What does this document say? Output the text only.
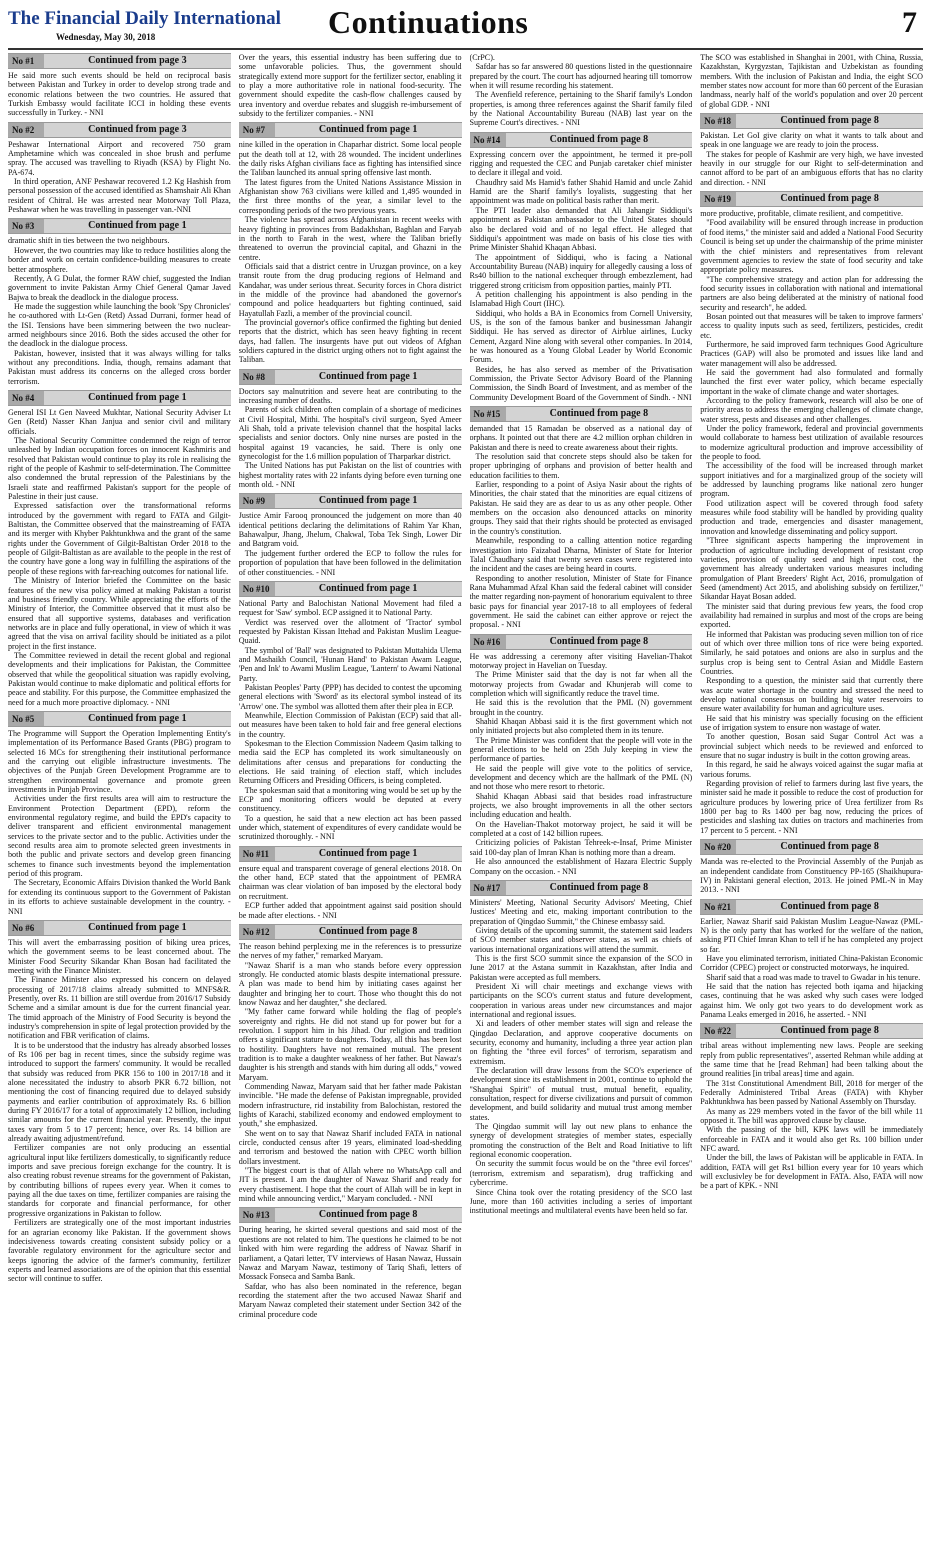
The Financial Daily International
Wednesday, May 30, 2018	Continuations	7
No #1	Continued from page 3

He said more such events should be held on reciprocal basis between Pakistan and Turkey in order to develop strong trade and economic relations between the two countries. He assured that Turkish Embassy would facilitate ICCI in holding these events successfully in Turkey. - NNI

No #2	Continued from page 3

Peshawar International Airport and recovered 750 gram Amphetamine which was concealed in shoe brush and perfume spray. The accused was travelling to Riyadh (KSA) by Flight No. PA-674.

In third operation, ANF Peshawar recovered 1.2 Kg Hashish from personal possession of the accused identified as Shamshair Ali Khan resident of Chitral. He was arrested near Motorway Toll Plaza, Peshawar when he was travelling in passenger van.-NNI

No #3	Continued from page 1

dramatic shift in ties between the two neighbours.

However, the two countries may like to reduce hostilities along the border and work on certain confidence-building measures to create better atmosphere.

Recently, A G Dulat, the former RAW chief, suggested the Indian government to invite Pakistan Army Chief General Qamar Javed Bajwa to break the deadlock in the dialogue process.

He made the suggestion while launching the book 'Spy Chronicles' he co-authored with Lt-Gen (Retd) Assad Durrani, former head of the ISI. Tensions have been simmering between the two nuclear-armed neighbours since 2016. Both the sides accused the other for the deadlock in the dialogue process.

Pakistan, however, insisted that it was always willing for talks without any preconditions. India, though, remains adamant that Pakistan must address its concerns on the alleged cross border terrorism.

No #4	Continued from page 1

General ISI Lt Gen Naveed Mukhtar, National Security Adviser Lt Gen (Retd) Nasser Khan Janjua and senior civil and military officials.

The National Security Committee condemned the reign of terror unleashed by Indian occupation forces on innocent Kashmiris and resolved that Pakistan would continue to play its role in realising the right of the people of Kashmir to self-determination. The Committee also condemned the brutal repression of the Palestinians by the Israeli state and reaffirmed Pakistan's support for the people of Palestine in their just cause.

Expressed satisfaction over the transformational reforms introduced by the government with regard to FATA and Gilgit-Baltistan, the Committee observed that the mainstreaming of FATA and its merger with Khyber Pakhtunkhwa and the grant of the same rights under the Government of Gilgit-Baltistan Order 2018 to the people of Gilgit-Baltistan as are available to the people in the rest of the country have gone a long way in fulfilling the aspirations of the people of these regions with far-reaching outcomes for national life.

The Ministry of Interior briefed the Committee on the basic features of the new visa policy aimed at making Pakistan a tourist and business friendly country. While appreciating the efforts of the Ministry of Interior, the Committee observed that it must also be ensured that all supportive systems, databases and verification networks are in place and fully operational, in view of which it was agreed that the visa on arrival facility should be initiated as a pilot project in the first instance.

The Committee reviewed in detail the recent global and regional developments and their implications for Pakistan, the Committee observed that while the geopolitical situation was rapidly evolving, Pakistan would continue to make diplomatic and political efforts for peace and stability. For this purpose, the Committee emphasized the need for a much more proactive diplomacy. - NNI

No #5	Continued from page 1

The Programme will Support the Operation Implementing Entity's implementation of its Performance Based Grants (PBG) program to selected 16 MCs for strengthening their institutional performance and the carrying out eligible infrastructure investments. The objectives of the Punjab Green Development Programme are to strengthen environmental governance and promote green investments in Punjab Province.

Activities under the first results area will aim to restructure the Environment Protection Department (EPD), reform the environmental regulatory regime, and build the EPD's capacity to deliver transparent and efficient environmental management services to the private sector and to the public. Activities under the second results area aim to promote selected green investments in both the public and private sectors and develop green financing schemes to finance such investments beyond the implementation period of this program.

The Secretary, Economic Affairs Division thanked the World Bank for extending its continuous support to the Government of Pakistan in its efforts to achieve sustainable development in the country. - NNI

No #6	Continued from page 1

This will avert the embarrassing position of biking urea prices, which the government seems to be least concerned about. The Minister Food Security Sikandar Khan Bosan had facilitated the meeting with the Finance Minister.

The Finance Minister also expressed his concern on delayed processing of 2017/18 claims already submitted to MNFS&R. Presently, over Rs. 11 billion are still overdue from 2016/17 Subsidy Scheme and a similar amount is due for the current financial year. The timid approach of the Ministry of Food Security is beyond the industry's comprehension in spite of legal protection provided by the notification and FBR verification of claims.

It is to be understood that the industry has already absorbed losses of Rs 106 per bag in recent times, since the subsidy regime was introduced to support the farmers' community. It would be recalled that subsidy was reduced from PKR 156 to 100 in 2017/18 and it alone necessitated the industry to absorb PKR 6.72 billion, not mentioning the cost of financing required due to delayed subsidy payments and earlier contribution of approximately Rs. 6 billion during FY 2016/17 for a total of approximately 12 billion, including similar amounts for the current financial year. Presently, the input taxes vary from 5 to 17 percent; hence, over Rs. 14 billion are already awaiting adjustment/refund.

Fertilizer companies are not only producing an essential agricultural input like fertilizers domestically, to significantly reduce imports and save precious foreign exchange for the country. It is also creating robust revenue streams for the government of Pakistan, by contributing billions of rupees every year. When it comes to paying all the due taxes on time, fertilizer companies are raising the standards for corporate and financial performance, for other progressive organizations in Pakistan to follow.

Fertilizers are strategically one of the most important industries for an agrarian economy like Pakistan. If the government shows indecisiveness towards creating consistent subsidy policy or a favorable regulatory environment for the agriculture sector and keeps ignoring the advice of the farmer's community, fertilizer experts and learned associations are of the opinion that this essential sector will continue to suffer.

Over the years, this essential industry has been suffering due to some unfavorable policies. Thus, the government should strategically extend more support for the fertilizer sector, enabling it to play a more authoritative role in national food-security. The government should expedite the cash-flow challenges caused by urea inventory and overdue rebates and sluggish re-imbursement of subsidy to the fertilizer companies. - NNI

No #7	Continued from page 1

nine killed in the operation in Chaparhar district. Some local people put the death toll at 12, with 28 wounded. The incident underlines the daily risks Afghan civilians face as fighting has intensified since the Taliban launched its annual spring offensive last month.

The latest figures from the United Nations Assistance Mission in Afghanistan show 763 civilians were killed and 1,495 wounded in the first three months of the year, a similar level to the corresponding periods of the two previous years.

The violence has spread across Afghanistan in recent weeks with heavy fighting in provinces from Badakhshan, Baghlan and Faryab in the north to Farah in the west, where the Taliban briefly threatened to overrun the provincial capital, and Ghazni in the centre.

Officials said that a district centre in Uruzgan province, on a key transit route from the drug producing regions of Helmand and Kandahar, was under serious threat. Security forces in Chora district in the middle of the province had abandoned the governor's compound and police headquarters but fighting continued, said Hayatullah Fazli, a member of the provincial council.

The provincial governor's office confirmed the fighting but denied reports that the district, which has seen heavy fighting in recent days, had fallen. The insurgents have put out videos of Afghan soldiers captured in the district urging others not to fight against the Taliban.

No #8	Continued from page 1

Doctors say malnutrition and severe heat are contributing to the increasing number of deaths.

Parents of sick children often complain of a shortage of medicines at Civil Hospital, Mithi. The hospital's civil surgeon, Syed Ameer Ali Shah, told a private television channel that the hospital lacks specialists and senior doctors. Only nine nurses are posted in the hospital against 19 vacancies, he said. There is only one gynecologist for the 1.6 million population of Tharparkar district.

The United Nations has put Pakistan on the list of countries with highest mortality rates with 22 infants dying before even turning one month old. - NNI

No #9	Continued from page 1

Justice Amir Farooq pronounced the judgement on more than 40 identical petitions declaring the delimitations of Rahim Yar Khan, Bahawalpur, Jhang, Jhelum, Chakwal, Toba Tek Singh, Lower Dir and Batgram void.

The judgement further ordered the ECP to follow the rules for proportion of population that have been followed in the delimitation of other constituencies. - NNI

No #10	Continued from page 1

National Party and Balochistan National Movement had filed a request for 'Saw' symbol. ECP assigned it to National Party.

Verdict was reserved over the allotment of 'Tractor' symbol requested by Pakistan Kissan Ittehad and Pakistan Muslim League-Quaid.

The symbol of 'Ball' was designated to Pakistan Muttahida Ulema and Mashaikh Council, 'Hunan Hand' to Pakistan Awam League, 'Pen and Ink' to Awami Muslim League, 'Lantern' to Awami National Party.

Pakistan Peoples' Party (PPP) has decided to contest the upcoming general elections with 'Sword' as its electoral symbol instead of its 'Arrow' one. The symbol was allotted them after their plea in ECP.

Meanwhile, Election Commission of Pakistan (ECP) said that all-out measures have been taken to hold fair and free general elections in the country.

Spokesman to the Election Commission Nadeem Qasim talking to media said the ECP has completed its work simultaneously on delimitations after census and preparations for conducting the elections. He said training of election staff, which includes Returning Officers and Presiding Officers, is being completed.

The spokesman said that a monitoring wing would be set up by the ECP and monitoring officers would be deputed at every constituency.

To a question, he said that a new election act has been passed under which, statement of expenditures of every candidate would be scrutinized thoroughly. - NNI

No #11	Continued from page 1

ensure equal and transparent coverage of general elections 2018. On the other hand, ECP stated that the appointment of PEMRA chairman was clear violation of ban imposed by the electoral body on recruitment.

ECP further added that appointment against said position should be made after elections. - NNI

No #12	Continued from page 8

The reason behind perplexing me in the references is to pressurize the nerves of my father," remarked Maryam.

"Nawaz Sharif is a man who stands before every oppression strongly. He conducted atomic blasts despite international pressure. A plan was made to bend him by initiating cases against her daughter and bringing her to court. Those who thought this do not know Nawaz and her daughter," she declared.

"My father came forward while holding the flag of people's sovereignty and rights. He did not stand up for power but for a revolution. I support him in his Jihad. Our religion and tradition offers a significant stature to daughters. Today, all this has been lost to hostility. Daughters have not remained mutual. The present tradition is to make a daughter weakness of her father. But Nawaz's daughter is his strength and stands with him during all odds," vowed Maryam.

Commending Nawaz, Maryam said that her father made Pakistan invincible. "He made the defense of Pakistan impregnable, provided modern infrastructure, rid instability from Balochistan, restored the lights of Karachi, stabilized economy and endowed employment to youth," she emphasized.

She went on to say that Nawaz Sharif included FATA in national circle, conducted census after 19 years, eliminated load-shedding and terrorism and bestowed the nation with CPEC worth billion dollars investment.

"The biggest court is that of Allah where no WhatsApp call and JIT is present. I am the daughter of Nawaz Sharif and ready for every chastisement. I hope that the court of Allah will be in kept in mind while announcing verdict," Maryam concluded. - NNI

No #13	Continued from page 8

During hearing, he skirted several questions and said most of the questions are not related to him. The questions he claimed to be not linked with him were regarding the address of Nawaz Sharif in parliament, a Qatari letter, TV interviews of Hasan Nawaz, Hussain Nawaz and Maryam Nawaz, testimony of Tariq Shafi, letters of Mossack Fonseca and Samba Bank.

Safdar, who has also been nominated in the reference, began recording the statement after the two accused Nawaz Sharif and Maryam Nawaz completed their statement under Section 342 of the criminal procedure code

(CrPC).

Safdar has so far answered 80 questions listed in the questionnaire prepared by the court. The court has adjourned hearing till tomorrow when it will resume recording his statement.

The Avenfield reference, pertaining to the Sharif family's London properties, is among three references against the Sharif family filed by the National Accountability Bureau (NAB) last year on the Supreme Court's directives. - NNI

No #14	Continued from page 8

Expressing concern over the appointment, he termed it pre-poll rigging and requested the CEC and Punjab caretaker chief minister to declare it illegal and void.

Chaudhry said Ms Hamid's father Shahid Hamid and uncle Zahid Hamid are the Sharif family's loyalists, suggesting that her appointment was made on political basis rather than merit.

The PTI leader also demanded that Ali Jahangir Siddiqui's appointment as Pakistan ambassador to the United States should also be declared void and of no legal effect. He alleged that Siddiqui's appointment was made on basis of his close ties with Prime Minister Shahid Khaqan Abbasi.

The appointment of Siddiqui, who is facing a National Accountability Bureau (NAB) inquiry for allegedly causing a loss of Rs40 billion to the national exchequer through embezzlement, had triggered strong criticism from opposition parties, mainly PTI.

A petition challenging his appointment is also pending in the Islamabad High Court (IHC).

Siddiqui, who holds a BA in Economics from Cornell University, US, is the son of the famous banker and businessman Jahangir Siddiqui. He has served as director of Airblue airlines, Lucky Cement, Azgard Nine along with several other companies. In 2014, he was honoured as a Young Global Leader by World Economic Forum.

Besides, he has also served as member of the Privatisation Commission, the Private Sector Advisory Board of the Planning Commission, the Sindh Board of Investment, and as member of the Community Development Board of the Government of Sindh. - NNI

No #15	Continued from page 8

demanded that 15 Ramadan be observed as a national day of orphans. It pointed out that there are 4.2 million orphan children in Pakistan and there is need to create awareness about their rights.

The resolution said that concrete steps should also be taken for proper upbringing of orphans and provision of better health and education facilities to them.

Earlier, responding to a point of Asiya Nasir about the rights of Minorities, the chair stated that the minorities are equal citizens of Pakistan. He said they are as dear to us as any other people. Other members on the occasion also denounced attacks on minority groups. They said that their rights should be protected as envisaged in the country's constitution.

Meanwhile, responding to a calling attention notice regarding investigation into Faizabad Dharna, Minister of State for Interior Talal Chaudhary said that twenty seven cases were registered into the incident and the cases are being heard in courts.

Responding to another resolution, Minister of State for Finance Rana Muhammad Afzal Khan said the federal cabinet will consider the matter regarding non-payment of honorarium equivalent to three basic pays for financial year 2017-18 to all employees of federal government. He said the cabinet can either approve or reject the proposal. - NNI

No #16	Continued from page 8

He was addressing a ceremony after visiting Havelian-Thakot motorway project in Havelian on Tuesday.

The Prime Minister said that the day is not far when all the motorway projects from Gwadar and Khunjerab will come to completion which will significantly reduce the travel time.

He said this is the revolution that the PML (N) government brought in the country.

Shahid Khaqan Abbasi said it is the first government which not only initiated projects but also completed them in its tenure.

The Prime Minister was confident that the people will vote in the general elections to be held on 25th July keeping in view the performance of parties.

He said the people will give vote to the politics of service, development and decency which are the hallmark of the PML (N) and not those who mere resort to rhetoric.

Shahid Khaqan Abbasi said that besides road infrastructure projects, we also brought improvements in all the other sectors including education and health.

On the Havelian-Thakot motorway project, he said it will be completed at a cost of 142 billion rupees.

Criticizing policies of Pakistan Tehreek-e-Insaf, Prime Minister said 100-day plan of Imran Khan is nothing more than a dream.

He also announced the establishment of Hazara Electric Supply Company on the occasion. - NNI

No #17	Continued from page 8

Ministers' Meeting, National Security Advisors' Meeting, Chief Justices' Meeting and etc, making important contribution to the preparation of Qingdao Summit," the Chinese embassy said.

Giving details of the upcoming summit, the statement said leaders of SCO member states and observer states, as well as chiefs of various international organizations will attend the summit.

This is the first SCO summit since the expansion of the SCO in June 2017 at the Astana summit in Kazakhstan, after India and Pakistan were accepted as full members.

President Xi will chair meetings and exchange views with participants on the SCO's current status and future development, cooperation in various areas under new circumstances and major international and regional issues.

Xi and leaders of other member states will sign and release the Qingdao Declaration, and approve cooperative documents on security, economy and humanity, including a three year action plan on fighting the "three evil forces" of terrorism, separatism and extremism.

The declaration will draw lessons from the SCO's experience of development since its establishment in 2001, continue to uphold the "Shanghai Spirit" of mutual trust, mutual benefit, equality, consultation, respect for diverse civilizations and pursuit of common development, and build solidarity and mutual trust among member states.

The Qingdao summit will lay out new plans to enhance the synergy of development strategies of member states, especially promoting the construction of the Belt and Road Initiative to lift regional economic cooperation.

On security the summit focus would be on the "three evil forces" (terrorism, extremism and separatism), drug trafficking and cybercrime.

Since China took over the rotating presidency of the SCO last June, more than 160 activities including a series of important institutional meetings and multilateral events have been held so far.

The SCO was established in Shanghai in 2001, with China, Russia, Kazakhstan, Kyrgyzstan, Tajikistan and Uzbekistan as founding members. With the inclusion of Pakistan and India, the eight SCO member states now account for more than 60 percent of the Eurasian landmass, nearly half of the world's population and over 20 percent of global GDP. - NNI

No #18	Continued from page 8

Pakistan. Let GoI give clarity on what it wants to talk about and speak in one language we are ready to join the process.

The stakes for people of Kashmir are very high, we have invested heavily in our struggle for our Right to self-determination and cannot afford to be part of an ambiguous efforts that has no clarity and direction. - NNI

No #19	Continued from page 8

more productive, profitable, climate resilient, and competitive.

"Food availability will be ensured through increase in production of food items," the minister said and added a National Food Security Council is being set up under the chairmanship of the prime minister with the chief ministers and representatives from relevant government agencies to review the state of food security and take appropriate policy measures.

"The comprehensive strategy and action plan for addressing the food security issues in collaboration with national and international partners are also being deliberated at the ministry of national food security and research", he added.

Bosan pointed out that measures will be taken to improve farmers' access to quality inputs such as seed, fertilizers, pesticides, credit etc.

Furthermore, he said improved farm techniques Good Agriculture Practices (GAP) will also be promoted and issues like land and water management will also be addressed.

He said the government had also formulated and formally launched the first ever water policy, which became especially important in the wake of climate change and water shortages.

According to the policy framework, research will also be one of priority areas to address the emerging challenges of climate change, water stress, pests and diseases and other challenges.

Under the policy framework, federal and provincial governments would collaborate to harness best utilization of available resources to modernize agricultural production and improve accessibility of the people to food.

The accessibility of the food will be increased through market support initiatives and for a marginalized group of the society will be addressed by launching programs like national zero hunger program.

Food utilization aspect will be covered through food safety measures while food stability will be handled by providing quality production and trade, emergencies and disaster management, innovation and knowledge disseminating and policy support.

"Three significant aspects hampering the improvement in production of agriculture including development of resistant crop varieties, provision of quality seed and high input cost, the government has already undertaken various measures including promulgation of Plant Breeders' Right Act, 2016, promulgation of Seed (amendment) Act 2015, and abolishing subsidy on fertilizer," Sikandar Hayat Bosan added.

The minister said that during previous few years, the food crop availability had remained in surplus and most of the crops are being exported.

He informed that Pakistan was producing seven million ton of rice out of which over three million tons of rice were being exported. Similarly, he said potatoes and onions are also in surplus and the surplus crop is being sent to Central Asian and Middle Eastern Countries.

Responding to a question, the minister said that currently there was acute water shortage in the country and stressed the need to develop national consensus on building big water reservoirs to ensure water availability for human and agriculture uses.

He said that his ministry was specially focusing on the efficient use of irrigation system to ensure non wastage of water.

To another question, Bosan said Sugar Control Act was a provincial subject which needs to be reviewed and enforced to ensure that no sugar industry is built in the cotton growing areas.

In this regard, he said he always voiced against the sugar mafia at various forums.

Regarding provision of relief to farmers during last five years, the minister said he made it possible to reduce the cost of production for agriculture produces by lowering price of Urea fertilizer from Rs 1800 per bag to Rs 1400 per bag now, reducing the prices of pesticides and slashing tax duties on tractors and machineries from 17 percent to 5 percent. - NNI

No #20	Continued from page 8

Manda was re-elected to the Provincial Assembly of the Punjab as an independent candidate from Constituency PP-165 (Shaikhupura-IV) in Pakistani general election, 2013. He joined PML-N in May 2013. - NNI

No #21	Continued from page 8

Earlier, Nawaz Sharif said Pakistan Muslim League-Nawaz (PML-N) is the only party that has worked for the welfare of the nation, asking PTI Chief Imran Khan to tell if he has completed any project so far.

Have you eliminated terrorism, initiated China-Pakistan Economic Corridor (CPEC) project or constructed motorways, he inquired.

Sharif said that a road was made to travel to Gwadar in his tenure.

He said that the nation has rejected both iqama and hijacking cases, continuing that he was asked why such cases were lodged against him. We only got two years to do development work as Panama Leaks emerged in 2016, he asserted. - NNI

No #22	Continued from page 8

tribal areas without implementing new laws. People are seeking reply from public representatives", asserted Rehman while adding at the same time that he [read Rehman] had been talking about the ground realities [in tribal areas] time and again.

The 31st Constitutional Amendment Bill, 2018 for merger of the Federally Administered Tribal Areas (FATA) with Khyber Pakhtunkhwa has been passed by National Assembly on Thursday.

As many as 229 members voted in the favor of the bill while 11 opposed it. The bill was approved clause by clause.

With the passing of the bill, KPK laws will be immediately enforceable in FATA and it would also get Rs. 100 billion under NFC award.

Under the bill, the laws of Pakistan will be applicable in FATA. In addition, FATA will get Rs1 billion every year for 10 years which will exclusivley be for development in FATA. Also, FATA will now be a part of KPK. - NNI
